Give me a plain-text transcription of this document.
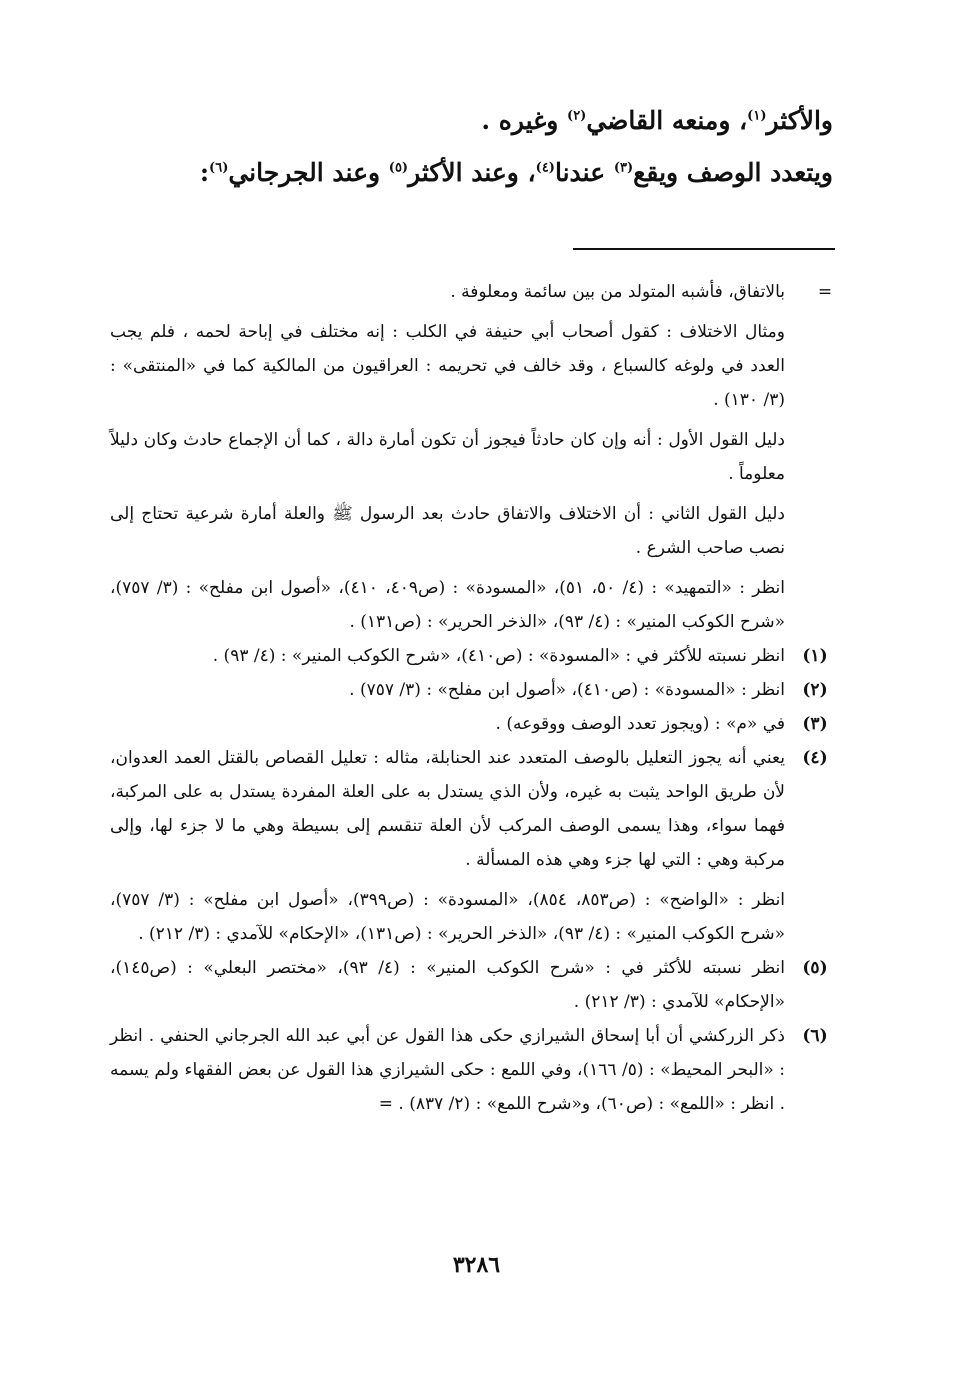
والأكثر$^{(١)}$، ومنعه القاضي$^{(٢)}$ وغيره .
ويتعدد الوصف ويقع$^{(٣)}$ عندنا$^{(٤)}$، وعند الأكثر$^{(٥)}$ وعند الجرجاني$^{(٦)}$:
=

بالاتفاق، فأشبه المتولد من بين سائمة ومعلوفة .

ومثال الاختلاف : كقول أصحاب أبي حنيفة في الكلب : إنه مختلف في إباحة لحمه ، فلم يجب العدد في ولوغه كالسباع ، وقد خالف في تحريمه : العراقيون من المالكية كما في «المنتقى» : (٣/ ١٣٠) .

دليل القول الأول : أنه وإن كان حادثاً فيجوز أن تكون أمارة دالة ، كما أن الإجماع حادث وكان دليلاً معلوماً .

دليل القول الثاني : أن الاختلاف والاتفاق حادث بعد الرسول ﷺ والعلة أمارة شرعية تحتاج إلى نصب صاحب الشرع .

انظر : «التمهيد» : (٤/ ٥٠، ٥١)، «المسودة» : (ص٤٠٩، ٤١٠)، «أصول ابن مفلح» : (٣/ ٧٥٧)، «شرح الكوكب المنير» : (٤/ ٩٣)، «الذخر الحرير» : (ص١٣١) .

(١)

انظر نسبته للأكثر في : «المسودة» : (ص٤١٠)، «شرح الكوكب المنير» : (٤/ ٩٣) .

(٢)

انظر : «المسودة» : (ص٤١٠)، «أصول ابن مفلح» : (٣/ ٧٥٧) .

(٣)

في «م» : (ويجوز تعدد الوصف ووقوعه) .

(٤)

يعني أنه يجوز التعليل بالوصف المتعدد عند الحنابلة، مثاله : تعليل القصاص بالقتل العمد العدوان، لأن طريق الواحد يثبت به غيره، ولأن الذي يستدل به على العلة المفردة يستدل به على المركبة، فهما سواء، وهذا يسمى الوصف المركب لأن العلة تنقسم إلى بسيطة وهي ما لا جزء لها، وإلى مركبة وهي : التي لها جزء وهي هذه المسألة .

انظر : «الواضح» : (ص٨٥٣، ٨٥٤)، «المسودة» : (ص٣٩٩)، «أصول ابن مفلح» : (٣/ ٧٥٧)، «شرح الكوكب المنير» : (٤/ ٩٣)، «الذخر الحرير» : (ص١٣١)، «الإحكام» للآمدي : (٣/ ٢١٢) .

(٥)

انظر نسبته للأكثر في : «شرح الكوكب المنير» : (٤/ ٩٣)، «مختصر البعلي» : (ص١٤٥)، «الإحكام» للآمدي : (٣/ ٢١٢) .

(٦)

ذكر الزركشي أن أبا إسحاق الشيرازي حكى هذا القول عن أبي عبد الله الجرجاني الحنفي . انظر : «البحر المحيط» : (٥/ ١٦٦)، وفي اللمع : حكى الشيرازي هذا القول عن بعض الفقهاء ولم يسمه . انظر : «اللمع» : (ص٦٠)، و«شرح اللمع» : (٢/ ٨٣٧) . =

٣٢٨٦
